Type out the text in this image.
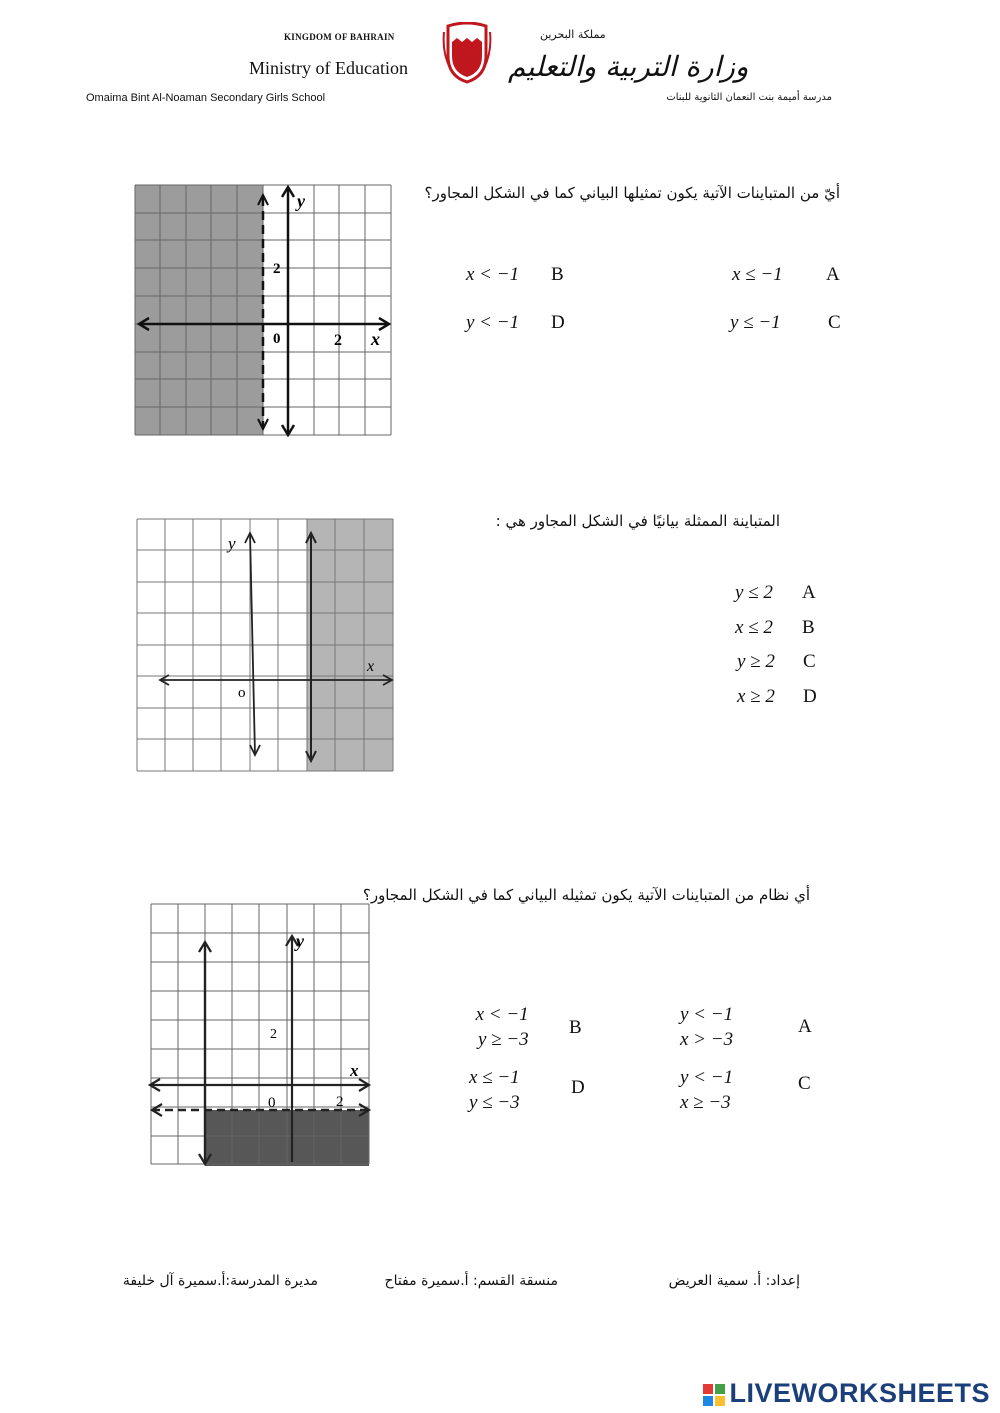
KINGDOM OF BAHRAIN
Ministry of Education
مملكة البحرين
وزارة التربية والتعليم
Omaima Bint Al-Noaman Secondary Girls School	مدرسة أميمة بنت النعمان الثانوية للبنات
أيّ من المتباينات الآتية يكون تمثيلها البياني كما في الشكل المجاور؟
y
2
0	2 x
A
x ≤ −1
B
x < −1
C
y ≤ −1
D
y < −1
المتباينة الممثلة بيانيًا في الشكل المجاور هي :
y
x
o
y ≤ 2 A
x ≤ 2 B
y ≥ 2 C
x ≥ 2 D
أي نظام من المتباينات الآتية يكون تمثيله البياني كما في الشكل المجاور؟
y
2
x
0	2
y < −1
x > −3
A
x < −1
y ≥ −3
B
y < −1
x ≥ −3
C
x ≤ −1
y ≤ −3
D
إعداد: أ. سمية العريض
منسقة القسم: أ.سميرة مفتاح
مديرة المدرسة:أ.سميرة آل خليفة
LIVEWORKSHEETS
